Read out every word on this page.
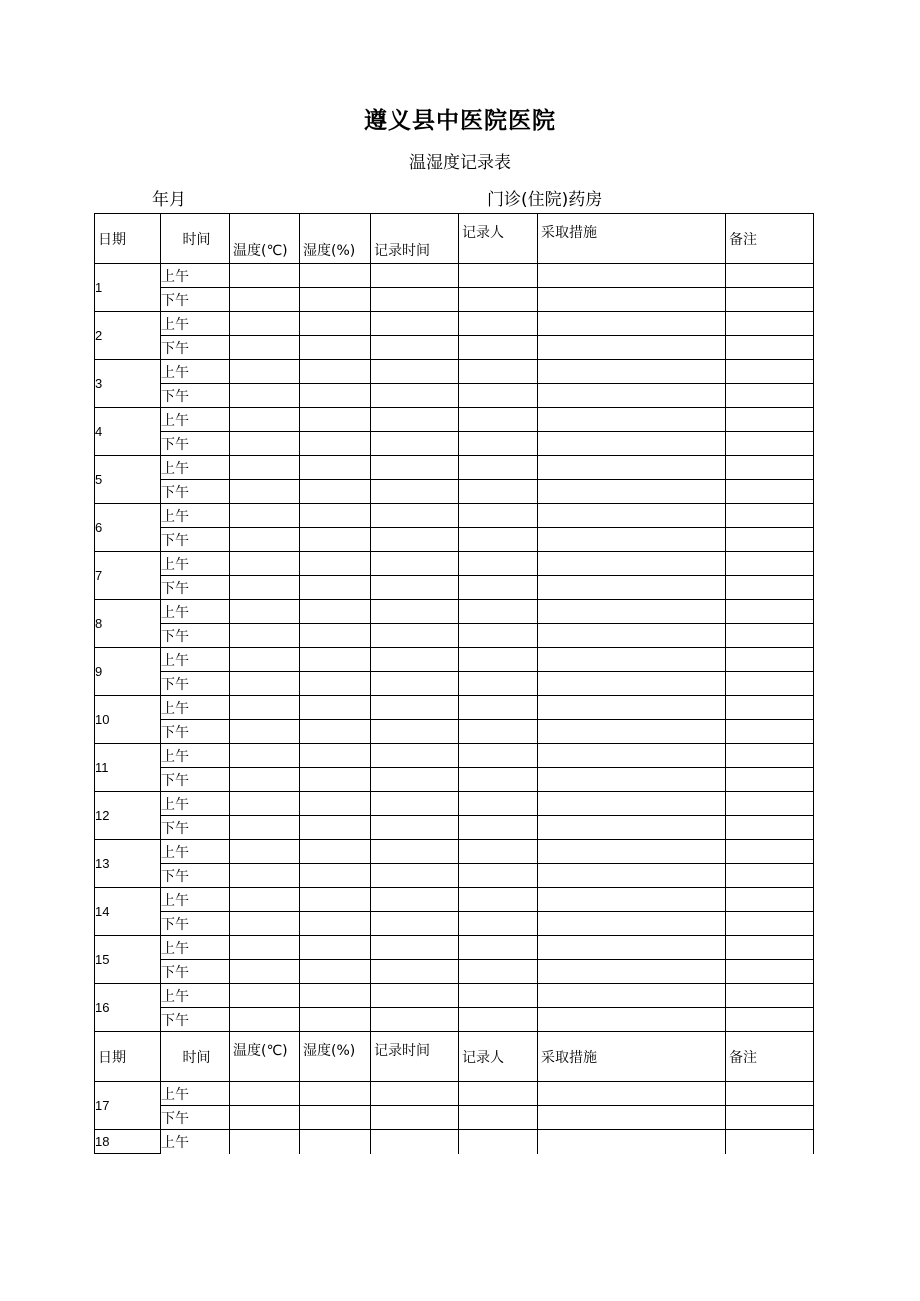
遵义县中医院医院
温湿度记录表
年月	门诊(住院)药房
日期	时间	温度(℃)	湿度(%)	记录时间	记录人	采取措施	备注

1	上午						
	下午						
2	上午						
	下午						
3	上午						
	下午						
4	上午						
	下午						
5	上午						
	下午						
6	上午						
	下午						
7	上午						
	下午						
8	上午						
	下午						
9	上午						
	下午						
10	上午						
	下午						
11	上午						
	下午						
12	上午						
	下午						
13	上午						
	下午						
14	上午						
	下午						
15	上午						
	下午						
16	上午						
	下午						

日期	时间	温度(℃)	湿度(%)	记录时间	记录人	采取措施	备注

17	上午						
	下午						
18	上午						
